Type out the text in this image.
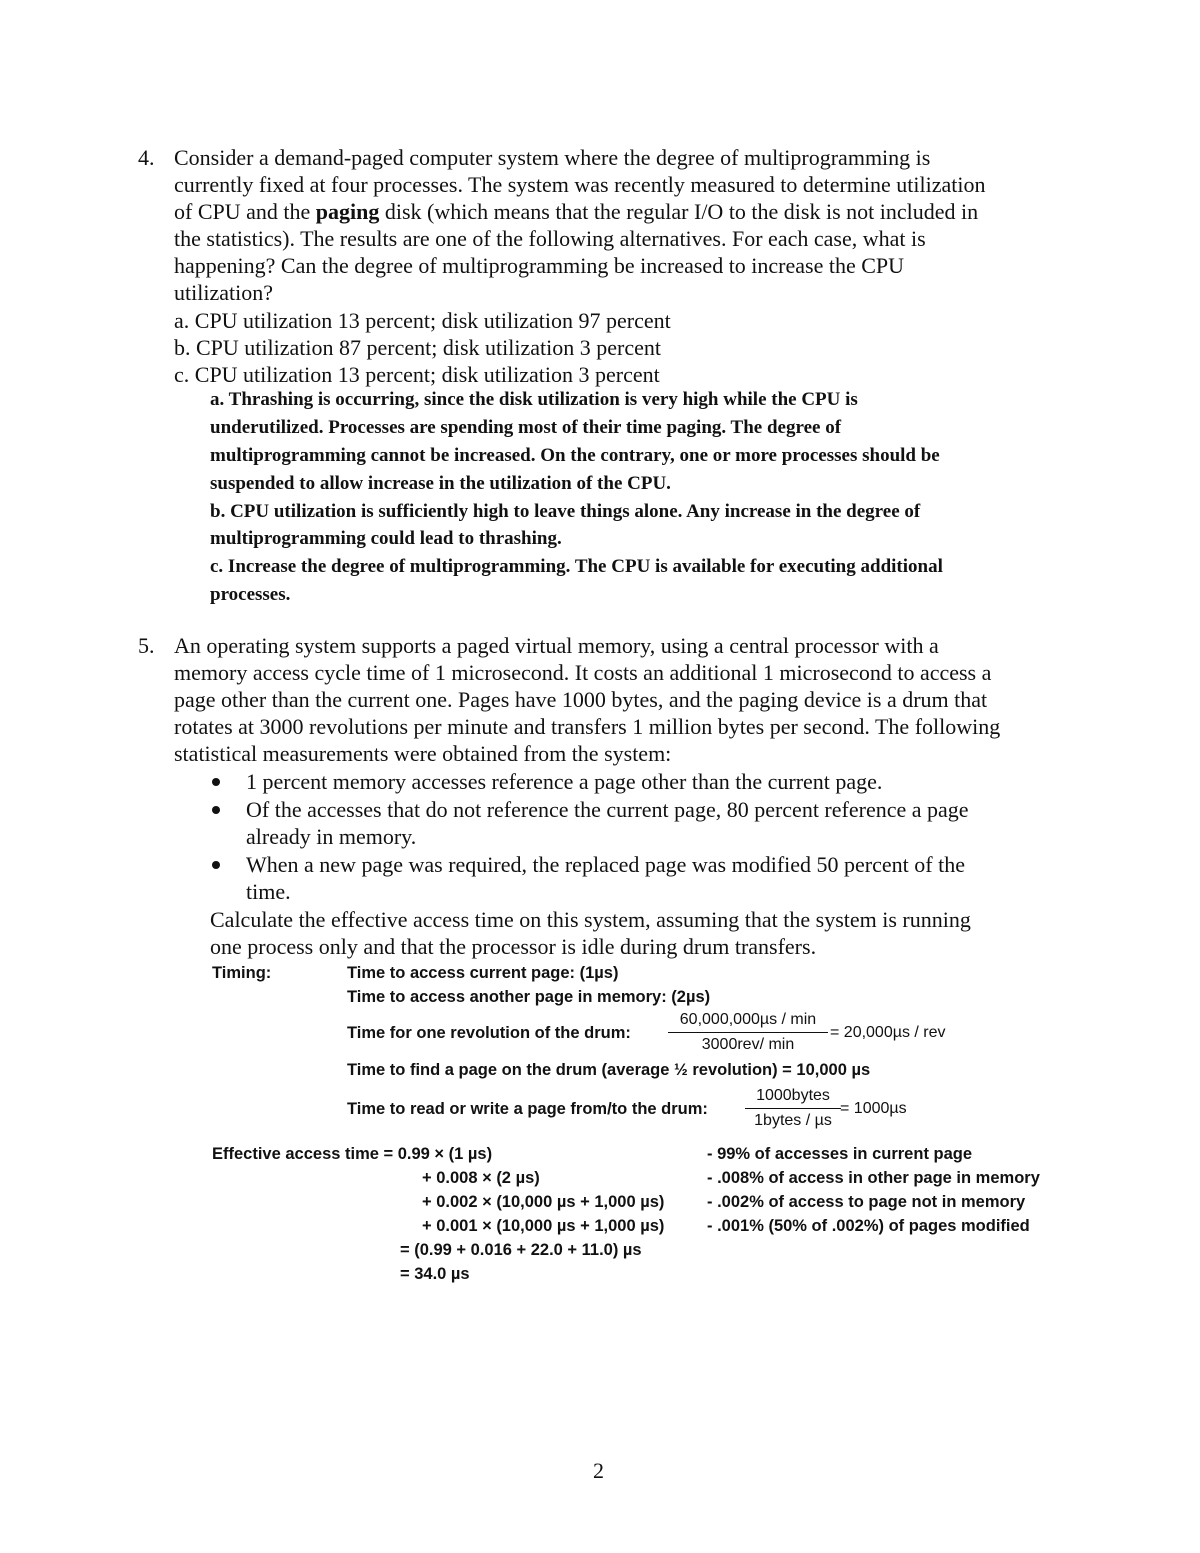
4. Consider a demand-paged computer system where the degree of multiprogramming is
currently fixed at four processes. The system was recently measured to determine utilization
of CPU and the paging disk (which means that the regular I/O to the disk is not included in
the statistics). The results are one of the following alternatives. For each case, what is
happening? Can the degree of multiprogramming be increased to increase the CPU
utilization?
a. CPU utilization 13 percent; disk utilization 97 percent
b. CPU utilization 87 percent; disk utilization 3 percent
c. CPU utilization 13 percent; disk utilization 3 percent
a. Thrashing is occurring, since the disk utilization is very high while the CPU is
underutilized. Processes are spending most of their time paging. The degree of
multiprogramming cannot be increased. On the contrary, one or more processes should be
suspended to allow increase in the utilization of the CPU.
b. CPU utilization is sufficiently high to leave things alone. Any increase in the degree of
multiprogramming could lead to thrashing.
c. Increase the degree of multiprogramming. The CPU is available for executing additional
processes.
5. An operating system supports a paged virtual memory, using a central processor with a
memory access cycle time of 1 microsecond. It costs an additional 1 microsecond to access a
page other than the current one. Pages have 1000 bytes, and the paging device is a drum that
rotates at 3000 revolutions per minute and transfers 1 million bytes per second. The following
statistical measurements were obtained from the system:
1 percent memory accesses reference a page other than the current page.
Of the accesses that do not reference the current page, 80 percent reference a page
already in memory.
When a new page was required, the replaced page was modified 50 percent of the
time.
Calculate the effective access time on this system, assuming that the system is running
one process only and that the processor is idle during drum transfers.
Timing:	Time to access current page: (1µs)
Time to access another page in memory: (2µs)
Time for one revolution of the drum:
60,000,000µs / min
3000rev/ min
= 20,000µs / rev
Time to find a page on the drum (average ½ revolution) = 10,000 µs
Time to read or write a page from/to the drum:
1000bytes
1bytes / µs
= 1000µs
Effective access time = 0.99 × (1 µs)
+ 0.008 × (2 µs)
+ 0.002 × (10,000 µs + 1,000 µs)
+ 0.001 × (10,000 µs + 1,000 µs)
= (0.99 + 0.016 + 22.0 + 11.0) µs
= 34.0 µs
- 99% of accesses in current page
- .008% of access in other page in memory
- .002% of access to page not in memory
- .001% (50% of .002%) of pages modified
2
